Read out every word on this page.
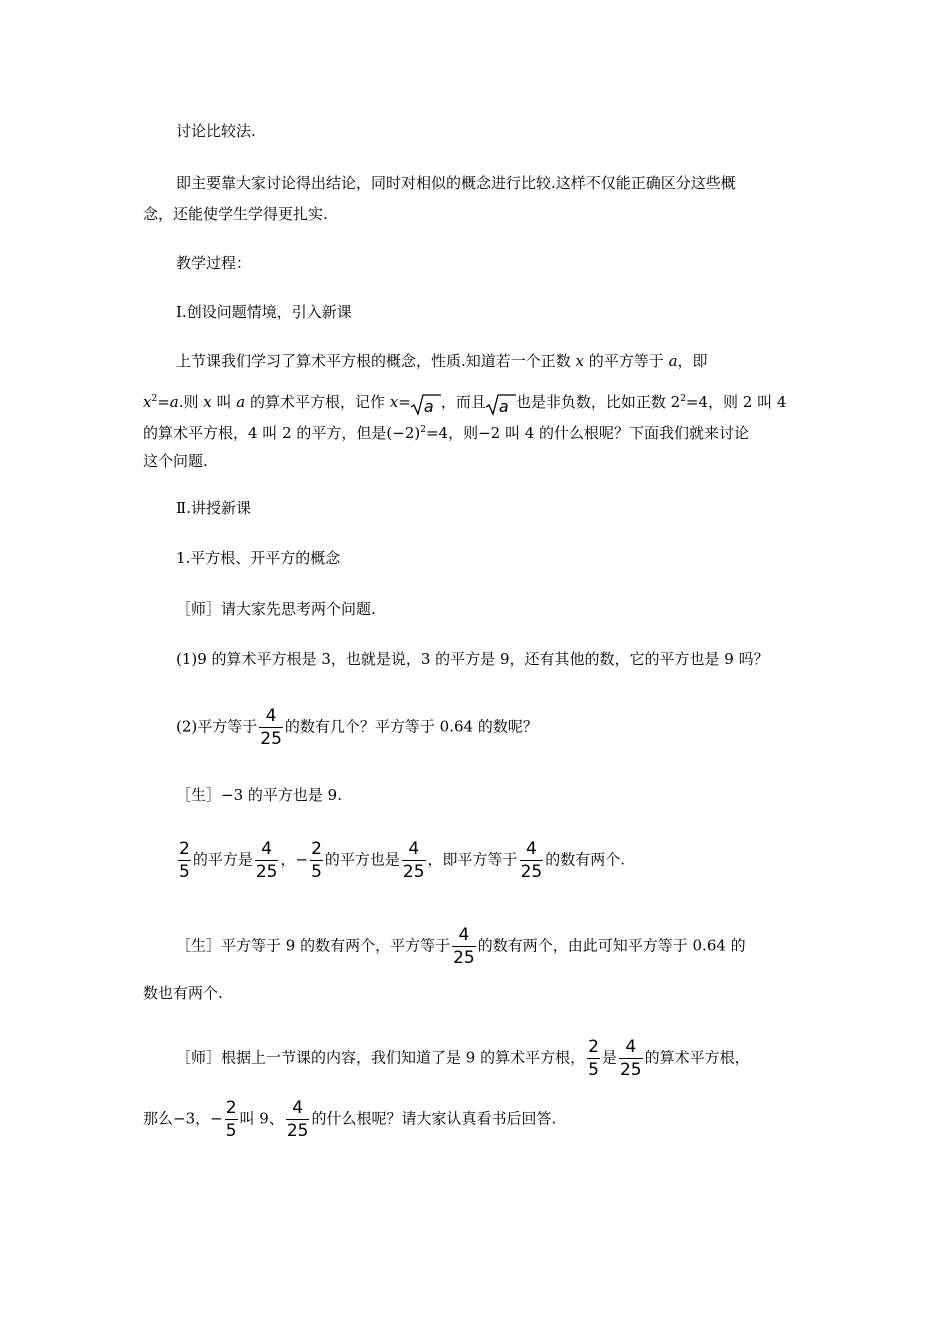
讨论比较法.
即主要靠大家讨论得出结论，同时对相似的概念进行比较.这样不仅能正确区分这些概
念，还能使学生学得更扎实.
教学过程：
Ⅰ.创设问题情境，引入新课
上节课我们学习了算术平方根的概念，性质.知道若一个正数 x 的平方等于 a，即
$x^2=a$.则 x 叫 a 的算术平方根，记作 x= a ，而且 a 也是非负数，比如正数 $2^2=4$，则 2 叫 4
的算术平方根，4 叫 2 的平方，但是$(-2)^2=4$，则−2 叫 4 的什么根呢？下面我们就来讨论
这个问题.
Ⅱ.讲授新课
1.平方根、开平方的概念
［师］请大家先思考两个问题.
(1)9 的算术平方根是 3，也就是说，3 的平方是 9，还有其他的数，它的平方也是 9 吗？
(2)平方等于 $\frac{4}{25}$ 的数有几个？平方等于 0.64 的数呢？
［生］−3 的平方也是 9.
$\frac{2}{5}$ 的平方是 $\frac{4}{25}$ ，− $\frac{2}{5}$ 的平方也是 $\frac{4}{25}$ ，即平方等于 $\frac{4}{25}$ 的数有两个.
［生］平方等于 9 的数有两个，平方等于 $\frac{4}{25}$ 的数有两个，由此可知平方等于 0.64 的
数也有两个.
［师］根据上一节课的内容，我们知道了是 9 的算术平方根， $\frac{2}{5}$ 是 $\frac{4}{25}$ 的算术平方根，
那么−3，− $\frac{2}{5}$ 叫 9、 $\frac{4}{25}$ 的什么根呢？请大家认真看书后回答.
